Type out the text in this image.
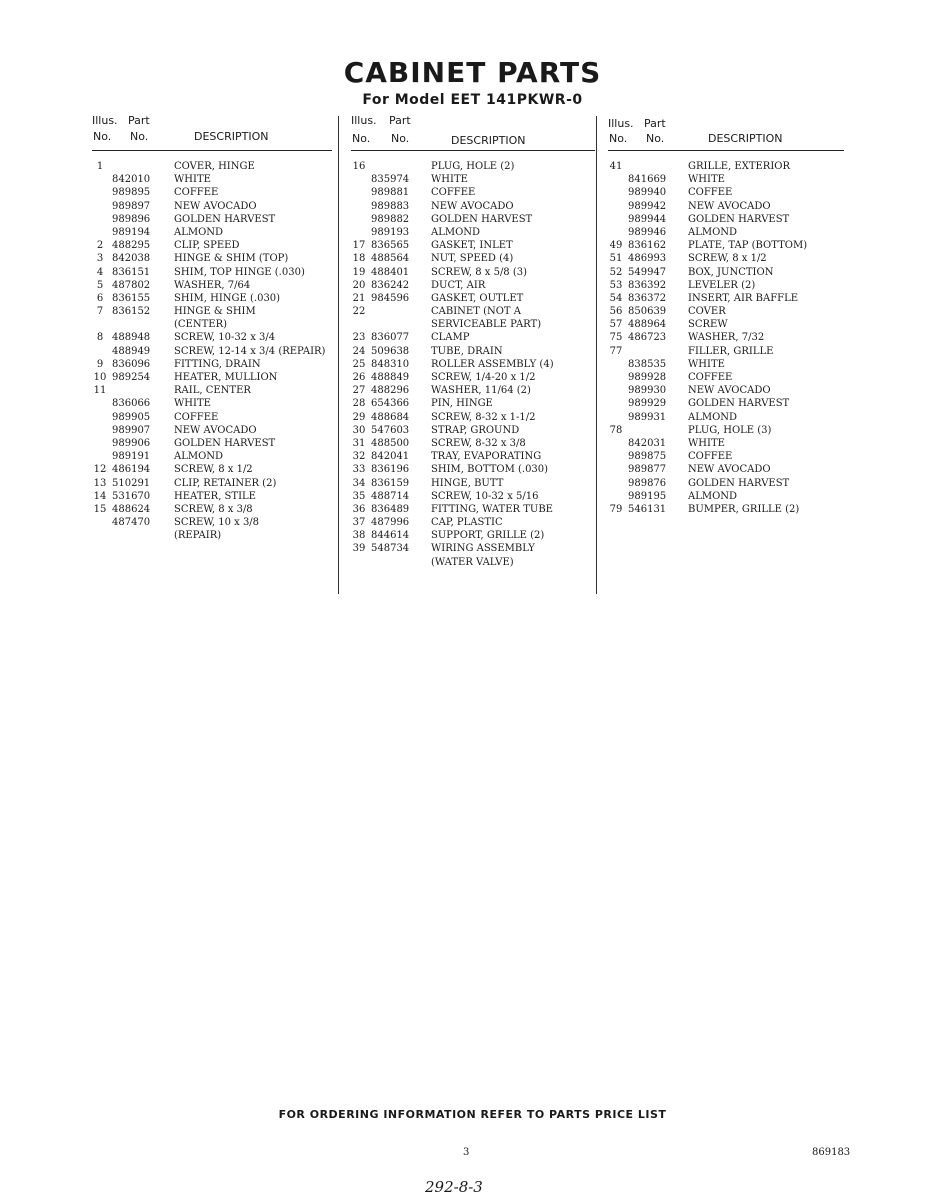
CABINET PARTS
For Model EET 141PKWR-0
Illus. Part
No. No.	DESCRIPTION
1	COVER, HINGE
842010 WHITE
989895 COFFEE
989897 NEW AVOCADO
989896 GOLDEN HARVEST
989194 ALMOND
2 488295 CLIP, SPEED
3 842038 HINGE & SHIM (TOP)
4 836151 SHIM, TOP HINGE (.030)
5 487802 WASHER, 7/64
6 836155 SHIM, HINGE (.030)
7 836152 HINGE & SHIM
(CENTER)
8 488948 SCREW, 10-32 x 3/4
488949 SCREW, 12-14 x 3/4 (REPAIR)
9 836096 FITTING, DRAIN
10 989254 HEATER, MULLION
11	RAIL, CENTER
836066 WHITE
989905 COFFEE
989907 NEW AVOCADO
989906 GOLDEN HARVEST
989191 ALMOND
12 486194 SCREW, 8 x 1/2
13 510291 CLIP, RETAINER (2)
14 531670 HEATER, STILE
15 488624 SCREW, 8 x 3/8
487470 SCREW, 10 x 3/8
(REPAIR)
Illus. Part
No. No.	DESCRIPTION
16	PLUG, HOLE (2)
835974 WHITE
989881 COFFEE
989883 NEW AVOCADO
989882 GOLDEN HARVEST
989193 ALMOND
17 836565 GASKET, INLET
18 488564 NUT, SPEED (4)
19 488401 SCREW, 8 x 5/8 (3)
20 836242 DUCT, AIR
21 984596 GASKET, OUTLET
22	CABINET (NOT A
SERVICEABLE PART)
23 836077 CLAMP
24 509638 TUBE, DRAIN
25 848310 ROLLER ASSEMBLY (4)
26 488849 SCREW, 1/4-20 x 1/2
27 488296 WASHER, 11/64 (2)
28 654366 PIN, HINGE
29 488684 SCREW, 8-32 x 1-1/2
30 547603 STRAP, GROUND
31 488500 SCREW, 8-32 x 3/8
32 842041 TRAY, EVAPORATING
33 836196 SHIM, BOTTOM (.030)
34 836159 HINGE, BUTT
35 488714 SCREW, 10-32 x 5/16
36 836489 FITTING, WATER TUBE
37 487996 CAP, PLASTIC
38 844614 SUPPORT, GRILLE (2)
39 548734 WIRING ASSEMBLY
(WATER VALVE)
Illus. Part
No. No.	DESCRIPTION
41	GRILLE, EXTERIOR
841669 WHITE
989940 COFFEE
989942 NEW AVOCADO
989944 GOLDEN HARVEST
989946 ALMOND
49 836162 PLATE, TAP (BOTTOM)
51 486993 SCREW, 8 x 1/2
52 549947 BOX, JUNCTION
53 836392 LEVELER (2)
54 836372 INSERT, AIR BAFFLE
56 850639 COVER
57 488964 SCREW
75 486723 WASHER, 7/32
77	FILLER, GRILLE
838535 WHITE
989928 COFFEE
989930 NEW AVOCADO
989929 GOLDEN HARVEST
989931 ALMOND
78	PLUG, HOLE (3)
842031 WHITE
989875 COFFEE
989877 NEW AVOCADO
989876 GOLDEN HARVEST
989195 ALMOND
79 546131 BUMPER, GRILLE (2)
FOR ORDERING INFORMATION REFER TO PARTS PRICE LIST
3	869183
292-8-3
